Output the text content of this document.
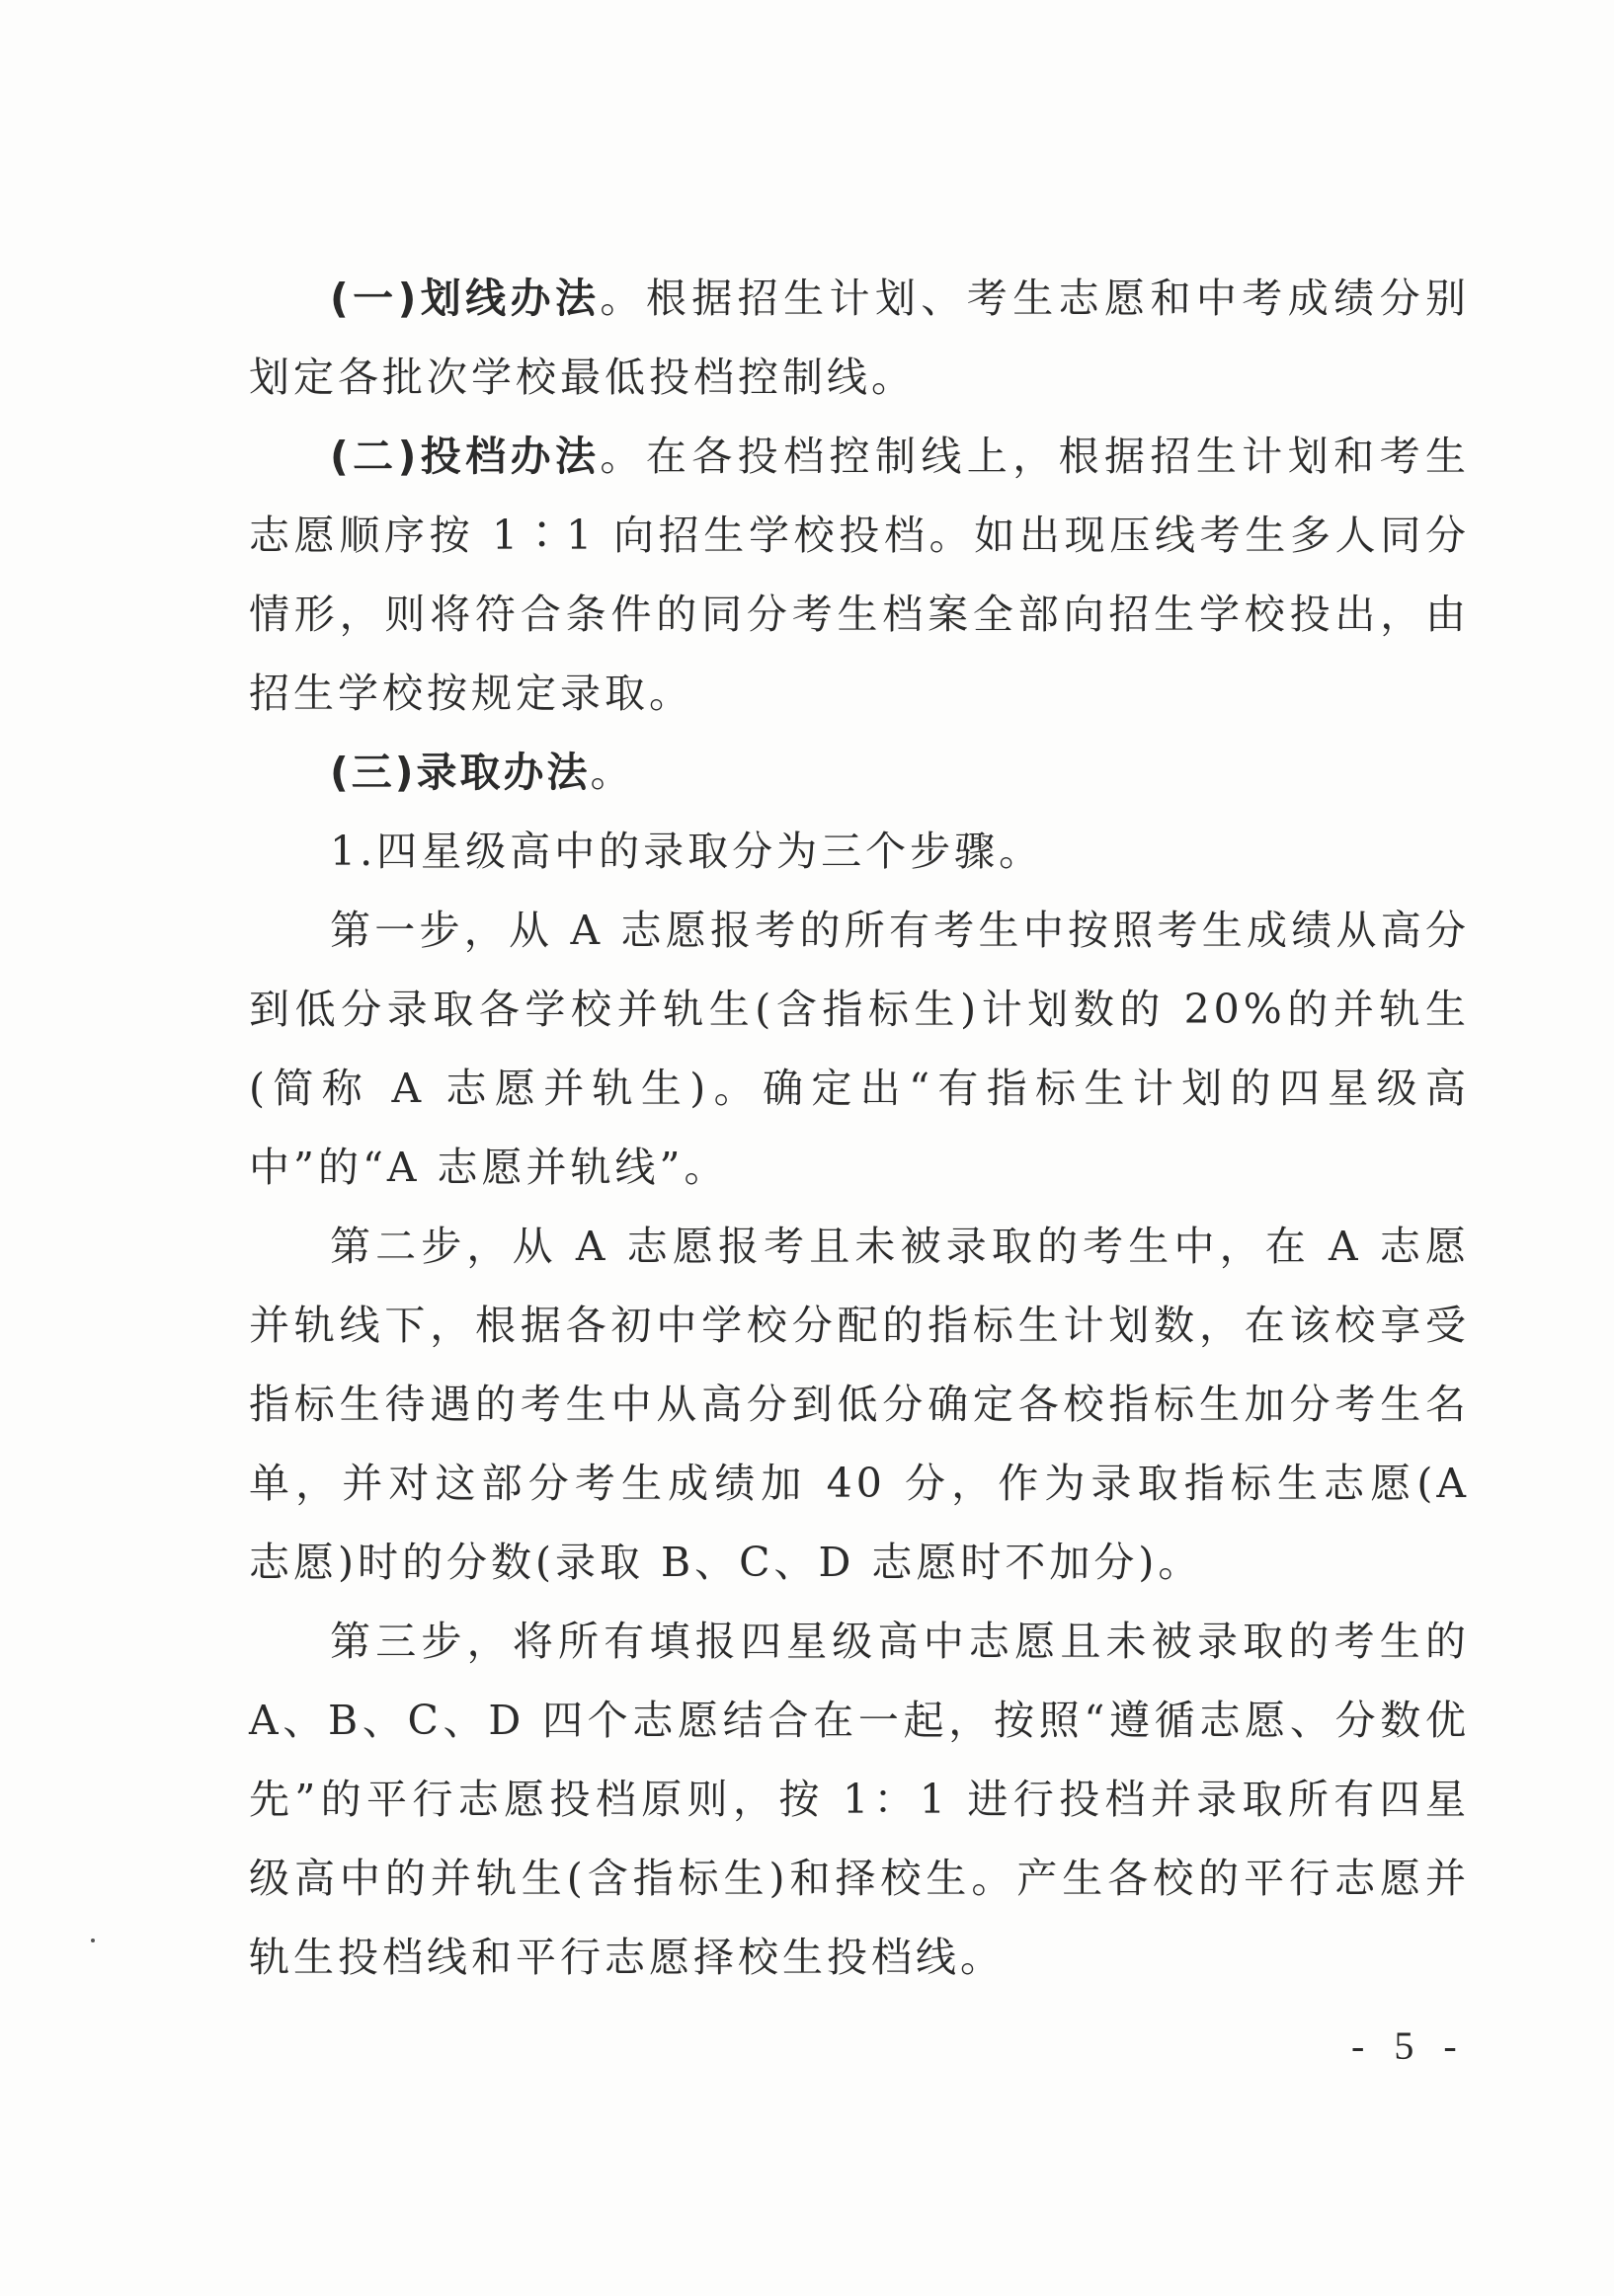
(一)划线办法。根据招生计划、考生志愿和中考成绩分别划定各批次学校最低投档控制线。

(二)投档办法。在各投档控制线上，根据招生计划和考生志愿顺序按 1∶1 向招生学校投档。如出现压线考生多人同分情形，则将符合条件的同分考生档案全部向招生学校投出，由招生学校按规定录取。

(三)录取办法。

1.四星级高中的录取分为三个步骤。

第一步，从 A 志愿报考的所有考生中按照考生成绩从高分到低分录取各学校并轨生(含指标生)计划数的 20%的并轨生(简称 A 志愿并轨生)。确定出“有指标生计划的四星级高中”的“A 志愿并轨线”。

第二步，从 A 志愿报考且未被录取的考生中，在 A 志愿并轨线下，根据各初中学校分配的指标生计划数，在该校享受指标生待遇的考生中从高分到低分确定各校指标生加分考生名单，并对这部分考生成绩加 40 分，作为录取指标生志愿(A 志愿)时的分数(录取 B、C、D 志愿时不加分)。

第三步，将所有填报四星级高中志愿且未被录取的考生的 A、B、C、D 四个志愿结合在一起，按照“遵循志愿、分数优先”的平行志愿投档原则，按 1：1 进行投档并录取所有四星级高中的并轨生(含指标生)和择校生。产生各校的平行志愿并轨生投档线和平行志愿择校生投档线。

- 5 -
